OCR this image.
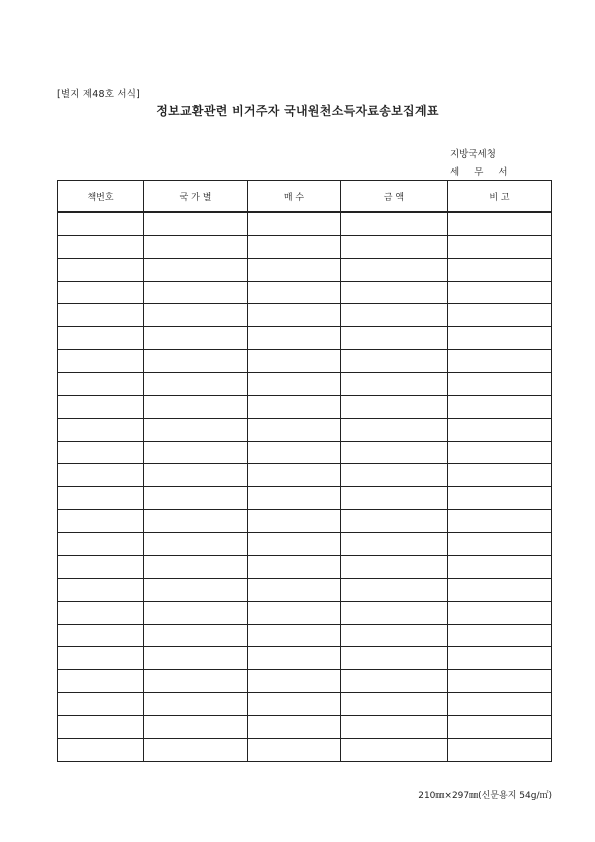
[별지 제48호 서식]
정보교환관련 비거주자 국내원천소득자료송보집계표
지방국세청
세 무 서
책번호	국 가 별	매 수	금 액	비 고

210㎜×297㎜(신문용지 54g/㎡)
